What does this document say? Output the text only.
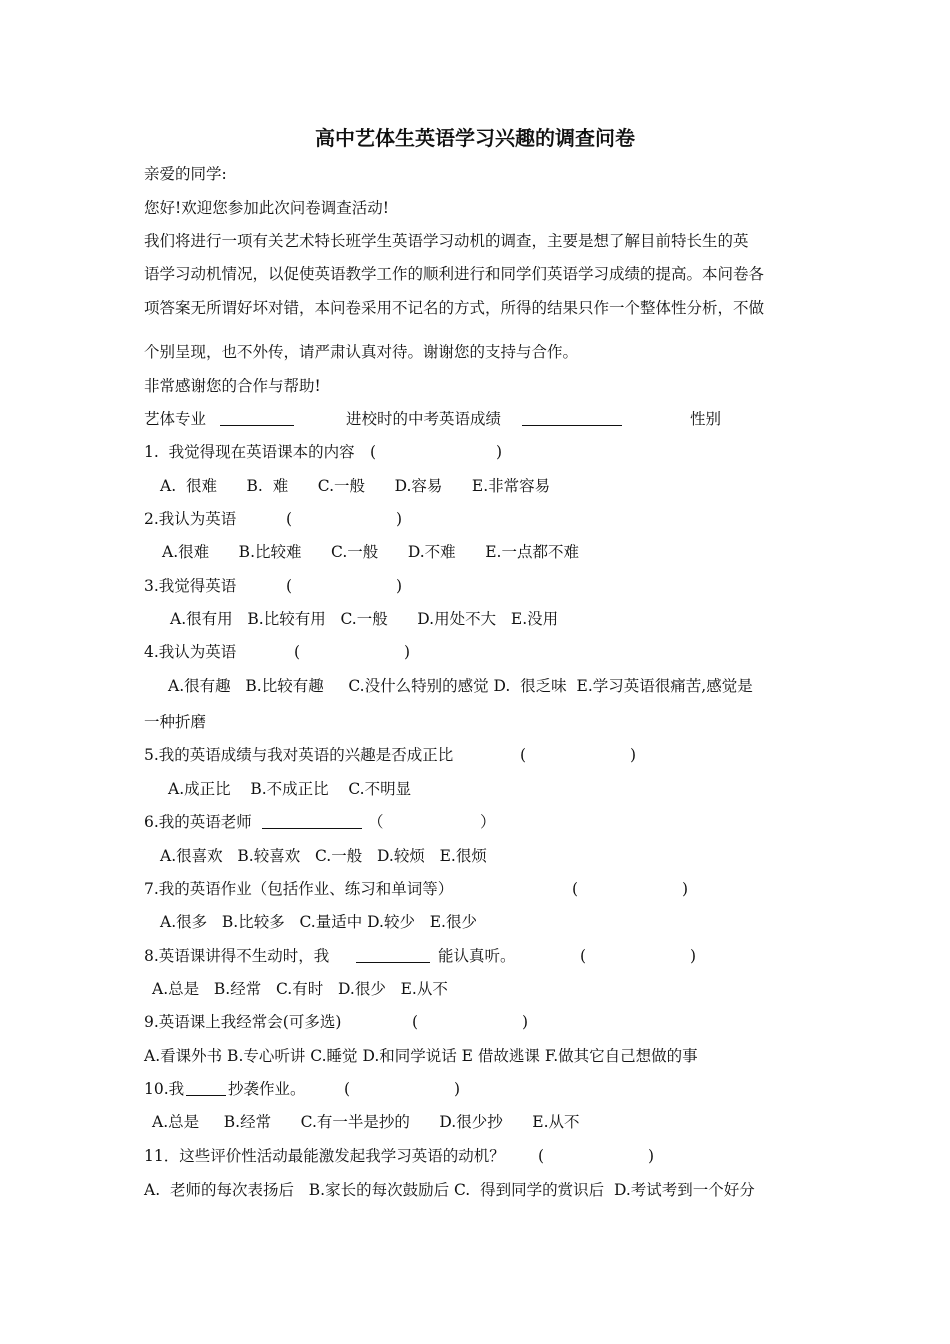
高中艺体生英语学习兴趣的调查问卷
亲爱的同学:
您好!欢迎您参加此次问卷调查活动!
我们将进行一项有关艺术特长班学生英语学习动机的调查，主要是想了解目前特长生的英
语学习动机情况，以促使英语教学工作的顺利进行和同学们英语学习成绩的提高。本问卷各
项答案无所谓好坏对错，本问卷采用不记名的方式，所得的结果只作一个整体性分析，不做
个别呈现，也不外传，请严肃认真对待。谢谢您的支持与合作。
非常感谢您的合作与帮助!
艺体专业	进校时的中考英语成绩	性别
1.  我觉得现在英语课本的内容 (	)
A.  很难      B.  难      C.一般      D.容易      E.非常容易
2.我认为英语	(	)
A.很难      B.比较难      C.一般      D.不难      E.一点都不难
3.我觉得英语	(	)
A.很有用   B.比较有用   C.一般      D.用处不大   E.没用
4.我认为英语	(	)
A.很有趣   B.比较有趣     C.没什么特别的感觉 D.  很乏味  E.学习英语很痛苦,感觉是
一种折磨
5.我的英语成绩与我对英语的兴趣是否成正比	(	)
A.成正比    B.不成正比    C.不明显
6.我的英语老师	（	）
A.很喜欢   B.较喜欢   C.一般   D.较烦   E.很烦
7.我的英语作业（包括作业、练习和单词等）	(	)
A.很多   B.比较多   C.量适中 D.较少   E.很少
8.英语课讲得不生动时，我	能认真听。	(	)
A.总是   B.经常   C.有时   D.很少   E.从不
9.英语课上我经常会(可多选)	(	)
A.看课外书 B.专心听讲 C.睡觉 D.和同学说话 E 借故逃课 F.做其它自己想做的事
10.我	抄袭作业。 (	)
A.总是     B.经常      C.有一半是抄的      D.很少抄      E.从不
11．这些评价性活动最能激发起我学习英语的动机？ (	)
A.  老师的每次表扬后   B.家长的每次鼓励后 C.  得到同学的赏识后  D.考试考到一个好分
